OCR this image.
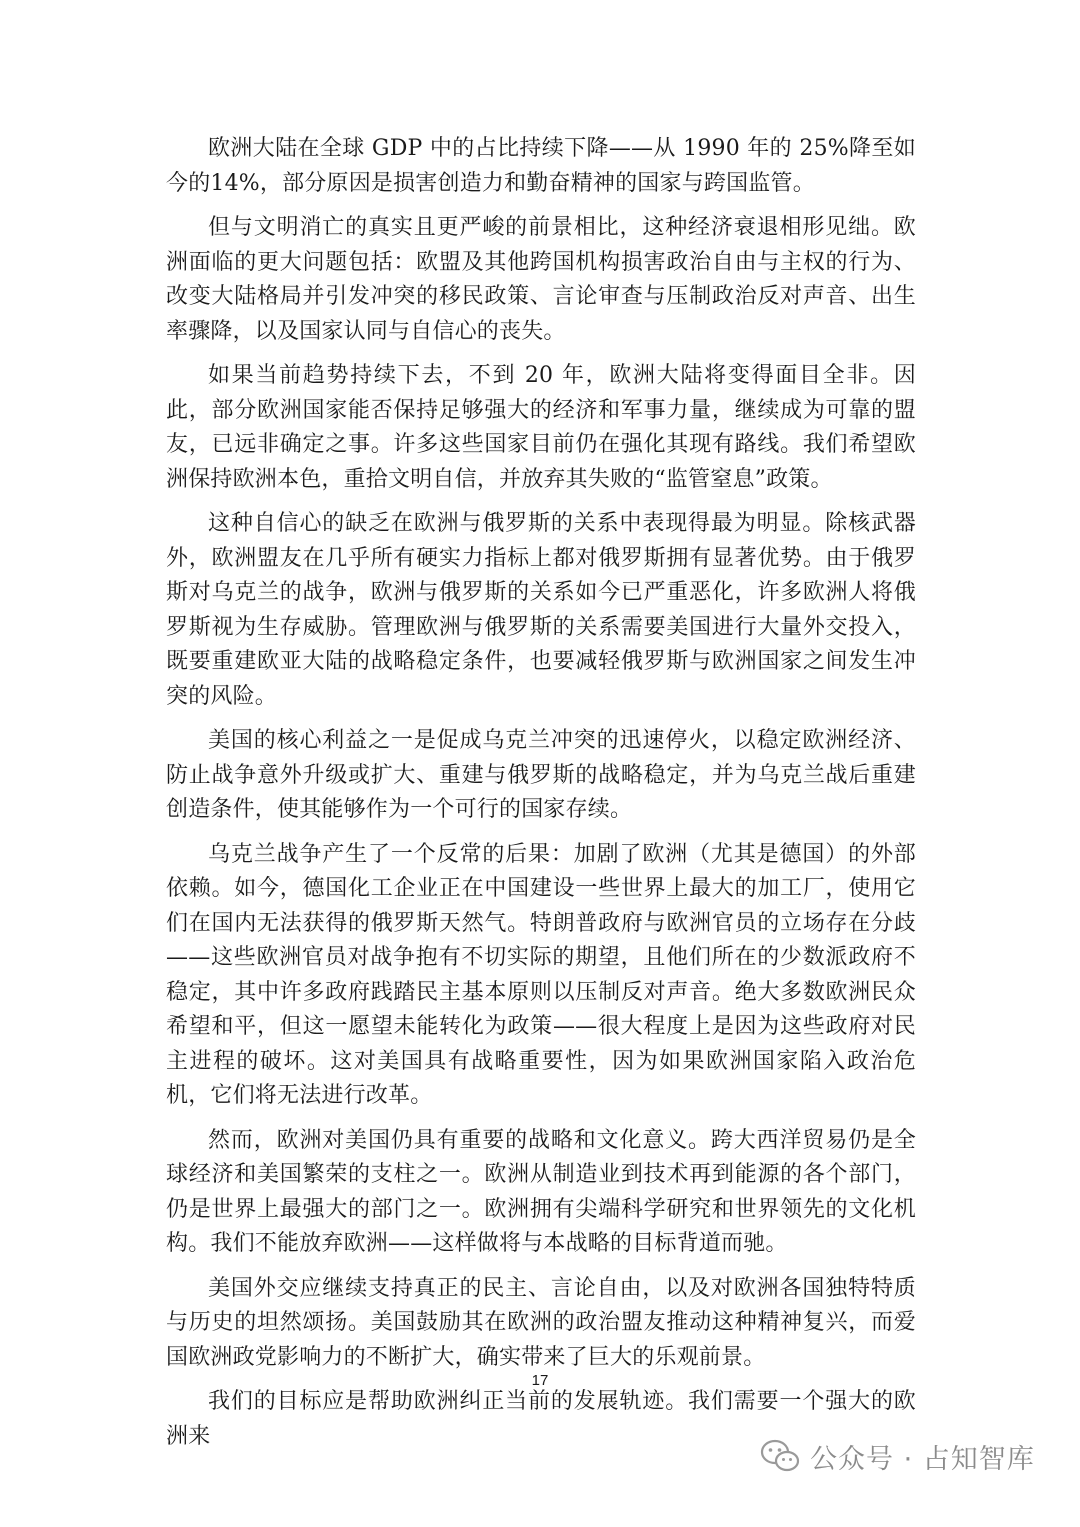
欧洲大陆在全球 GDP 中的占比持续下降——从 1990 年的 25%降至如今的14%，部分原因是损害创造力和勤奋精神的国家与跨国监管。

但与文明消亡的真实且更严峻的前景相比，这种经济衰退相形见绌。欧洲面临的更大问题包括：欧盟及其他跨国机构损害政治自由与主权的行为、改变大陆格局并引发冲突的移民政策、言论审查与压制政治反对声音、出生率骤降，以及国家认同与自信心的丧失。

如果当前趋势持续下去，不到 20 年，欧洲大陆将变得面目全非。因此，部分欧洲国家能否保持足够强大的经济和军事力量，继续成为可靠的盟友，已远非确定之事。许多这些国家目前仍在强化其现有路线。我们希望欧洲保持欧洲本色，重拾文明自信，并放弃其失败的“监管窒息”政策。

这种自信心的缺乏在欧洲与俄罗斯的关系中表现得最为明显。除核武器外，欧洲盟友在几乎所有硬实力指标上都对俄罗斯拥有显著优势。由于俄罗斯对乌克兰的战争，欧洲与俄罗斯的关系如今已严重恶化，许多欧洲人将俄罗斯视为生存威胁。管理欧洲与俄罗斯的关系需要美国进行大量外交投入，既要重建欧亚大陆的战略稳定条件，也要减轻俄罗斯与欧洲国家之间发生冲突的风险。

美国的核心利益之一是促成乌克兰冲突的迅速停火，以稳定欧洲经济、防止战争意外升级或扩大、重建与俄罗斯的战略稳定，并为乌克兰战后重建创造条件，使其能够作为一个可行的国家存续。

乌克兰战争产生了一个反常的后果：加剧了欧洲（尤其是德国）的外部依赖。如今，德国化工企业正在中国建设一些世界上最大的加工厂，使用它们在国内无法获得的俄罗斯天然气。特朗普政府与欧洲官员的立场存在分歧——这些欧洲官员对战争抱有不切实际的期望，且他们所在的少数派政府不稳定，其中许多政府践踏民主基本原则以压制反对声音。绝大多数欧洲民众希望和平，但这一愿望未能转化为政策——很大程度上是因为这些政府对民主进程的破坏。这对美国具有战略重要性，因为如果欧洲国家陷入政治危机，它们将无法进行改革。

然而，欧洲对美国仍具有重要的战略和文化意义。跨大西洋贸易仍是全球经济和美国繁荣的支柱之一。欧洲从制造业到技术再到能源的各个部门，仍是世界上最强大的部门之一。欧洲拥有尖端科学研究和世界领先的文化机构。我们不能放弃欧洲——这样做将与本战略的目标背道而驰。

美国外交应继续支持真正的民主、言论自由，以及对欧洲各国独特特质与历史的坦然颂扬。美国鼓励其在欧洲的政治盟友推动这种精神复兴，而爱国欧洲政党影响力的不断扩大，确实带来了巨大的乐观前景。

我们的目标应是帮助欧洲纠正当前的发展轨迹。我们需要一个强大的欧洲来

17
公众号 · 占知智库
